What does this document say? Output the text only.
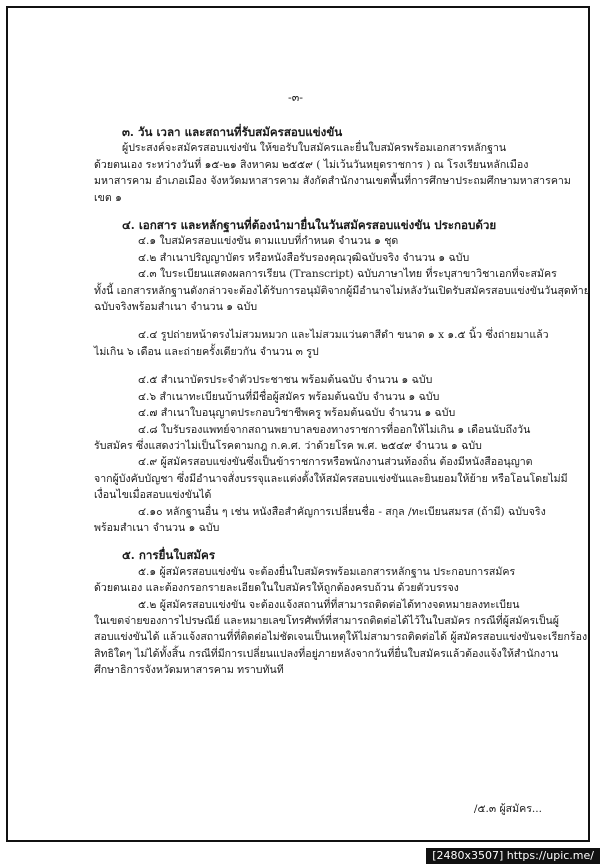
-๓-

๓. วัน เวลา และสถานที่รับสมัครสอบแข่งขัน

ผู้ประสงค์จะสมัครสอบแข่งขัน ให้ขอรับใบสมัครและยื่นใบสมัครพร้อมเอกสารหลักฐาน

ด้วยตนเอง ระหว่างวันที่ ๑๕-๒๑ สิงหาคม ๒๕๕๙ ( ไม่เว้นวันหยุดราชการ ) ณ โรงเรียนหลักเมือง

มหาสารคาม อำเภอเมือง จังหวัดมหาสารคาม สังกัดสำนักงานเขตพื้นที่การศึกษาประถมศึกษามหาสารคาม

เขต ๑

๔. เอกสาร และหลักฐานที่ต้องนำมายื่นในวันสมัครสอบแข่งขัน ประกอบด้วย

๔.๑ ใบสมัครสอบแข่งขัน ตามแบบที่กำหนด จำนวน ๑ ชุด

๔.๒ สำเนาปริญญาบัตร หรือหนังสือรับรองคุณวุฒิฉบับจริง จำนวน ๑ ฉบับ

๔.๓ ใบระเบียนแสดงผลการเรียน (Transcript) ฉบับภาษาไทย ที่ระบุสาขาวิชาเอกที่จะสมัคร

ทั้งนี้ เอกสารหลักฐานดังกล่าวจะต้องได้รับการอนุมัติจากผู้มีอำนาจไม่หลังวันเปิดรับสมัครสอบแข่งขันวันสุดท้าย

ฉบับจริงพร้อมสำเนา จำนวน ๑ ฉบับ

๔.๔ รูปถ่ายหน้าตรงไม่สวมหมวก และไม่สวมแว่นตาสีดำ ขนาด ๑ x ๑.๕ นิ้ว ซึ่งถ่ายมาแล้ว

ไม่เกิน ๖ เดือน และถ่ายครั้งเดียวกัน จำนวน ๓ รูป

๔.๕ สำเนาบัตรประจำตัวประชาชน พร้อมต้นฉบับ จำนวน ๑ ฉบับ

๔.๖ สำเนาทะเบียนบ้านที่มีชื่อผู้สมัคร พร้อมต้นฉบับ จำนวน ๑ ฉบับ

๔.๗ สำเนาใบอนุญาตประกอบวิชาชีพครู พร้อมต้นฉบับ จำนวน ๑ ฉบับ

๔.๘ ใบรับรองแพทย์จากสถานพยาบาลของทางราชการที่ออกให้ไม่เกิน ๑ เดือนนับถึงวัน

รับสมัคร ซึ่งแสดงว่าไม่เป็นโรคตามกฎ ก.ค.ศ. ว่าด้วยโรค พ.ศ. ๒๕๔๙ จำนวน ๑ ฉบับ

๔.๙ ผู้สมัครสอบแข่งขันซึ่งเป็นข้าราชการหรือพนักงานส่วนท้องถิ่น ต้องมีหนังสืออนุญาต

จากผู้บังคับบัญชา ซึ่งมีอำนาจสั่งบรรจุและแต่งตั้งให้สมัครสอบแข่งขันและยินยอมให้ย้าย หรือโอนโดยไม่มี

เงื่อนไขเมื่อสอบแข่งขันได้

๔.๑๐ หลักฐานอื่น ๆ เช่น หนังสือสำคัญการเปลี่ยนชื่อ - สกุล /ทะเบียนสมรส (ถ้ามี) ฉบับจริง

พร้อมสำเนา จำนวน ๑ ฉบับ

๕. การยื่นใบสมัคร

๕.๑ ผู้สมัครสอบแข่งขัน จะต้องยื่นใบสมัครพร้อมเอกสารหลักฐาน ประกอบการสมัคร

ด้วยตนเอง และต้องกรอกรายละเอียดในใบสมัครให้ถูกต้องครบถ้วน ด้วยตัวบรรจง

๕.๒ ผู้สมัครสอบแข่งขัน จะต้องแจ้งสถานที่ที่สามารถติดต่อได้ทางจดหมายลงทะเบียน

ในเขตจ่ายของการไปรษณีย์ และหมายเลขโทรศัพท์ที่สามารถติดต่อได้ไว้ในใบสมัคร กรณีที่ผู้สมัครเป็นผู้

สอบแข่งขันได้ แล้วแจ้งสถานที่ที่ติดต่อไม่ชัดเจนเป็นเหตุให้ไม่สามารถติดต่อได้ ผู้สมัครสอบแข่งขันจะเรียกร้อง

สิทธิใดๆ ไม่ได้ทั้งสิ้น กรณีที่มีการเปลี่ยนแปลงที่อยู่ภายหลังจากวันที่ยื่นใบสมัครแล้วต้องแจ้งให้สำนักงาน

ศึกษาธิการจังหวัดมหาสารคาม ทราบทันที

/๕.๓ ผู้สมัคร...
[2480x3507] https://upic.me/
